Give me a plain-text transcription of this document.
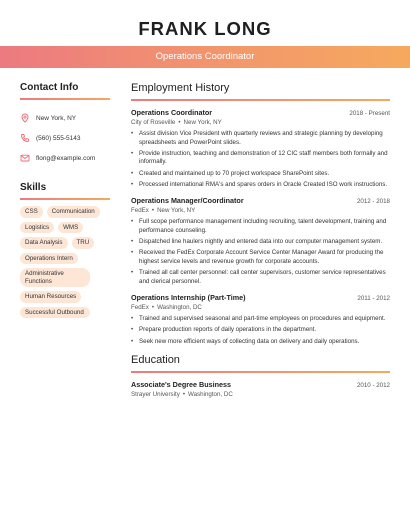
FRANK LONG
Operations Coordinator
Contact Info
New York, NY
(560) 555-5143
flong@example.com
Skills
CSS	Communication
Logistics	WMS
Data Analysis	TRU
Operations Intern
Administrative Functions
Human Resources
Successful Outbound
Employment History
Operations Coordinator	2018 - Present
City of Roseville • New York, NY
• Assist division Vice President with quarterly reviews and strategic planning by developing spreadsheets and PowerPoint slides.
• Provide instruction, teaching and demonstration of 12 CIC staff members both formally and informally.
• Created and maintained up to 70 project workspace SharePoint sites.
• Processed international RMA's and spares orders in Oracle Created ISO work instructions.
Operations Manager/Coordinator	2012 - 2018
FedEx • New York, NY
• Full scope performance management including recruiting, talent development, training and performance counseling.
• Dispatched line haulers nightly and entered data into our computer management system.
• Received the FedEx Corporate Account Service Center Manager Award for producing the highest service levels and revenue growth for corporate accounts.
• Trained all call center personnel: call center supervisors, customer service representatives and clerical personnel.
Operations Internship (Part-Time)	2011 - 2012
FedEx • Washington, DC
• Trained and supervised seasonal and part-time employees on procedures and equipment.
• Prepare production reports of daily operations in the department.
• Seek new more efficient ways of collecting data on delivery and daily operations.
Education
Associate's Degree Business	2010 - 2012
Strayer University • Washington, DC
